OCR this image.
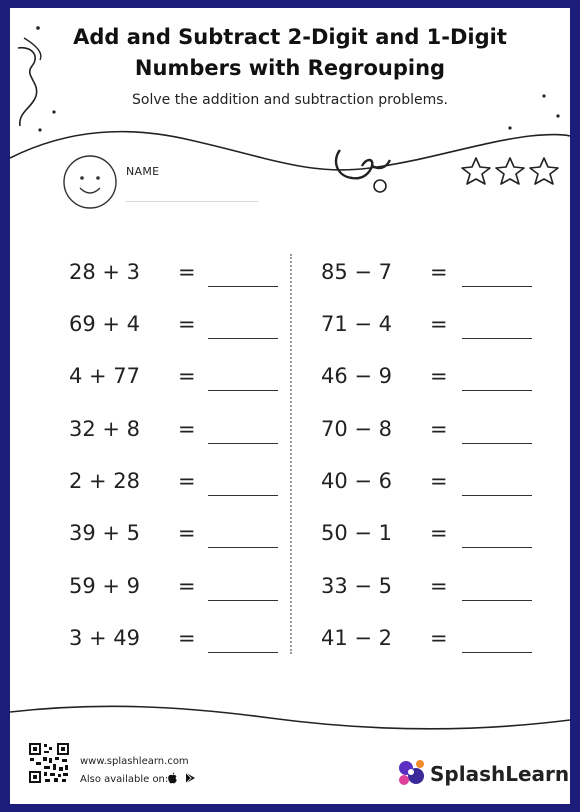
Add and Subtract 2-Digit and 1-Digit
Numbers with Regrouping
Solve the addition and subtraction problems.
NAME
28 + 3 =
69 + 4 =
4 + 77 =
32 + 8 =
2 + 28 =
39 + 5 =
59 + 9 =
3 + 49 =
85 − 7 =
71 − 4 =
46 − 9 =
70 − 8 =
40 − 6 =
50 − 1 =
33 − 5 =
41 − 2 =
www.splashlearn.com
Also available on:
	SplashLearn
